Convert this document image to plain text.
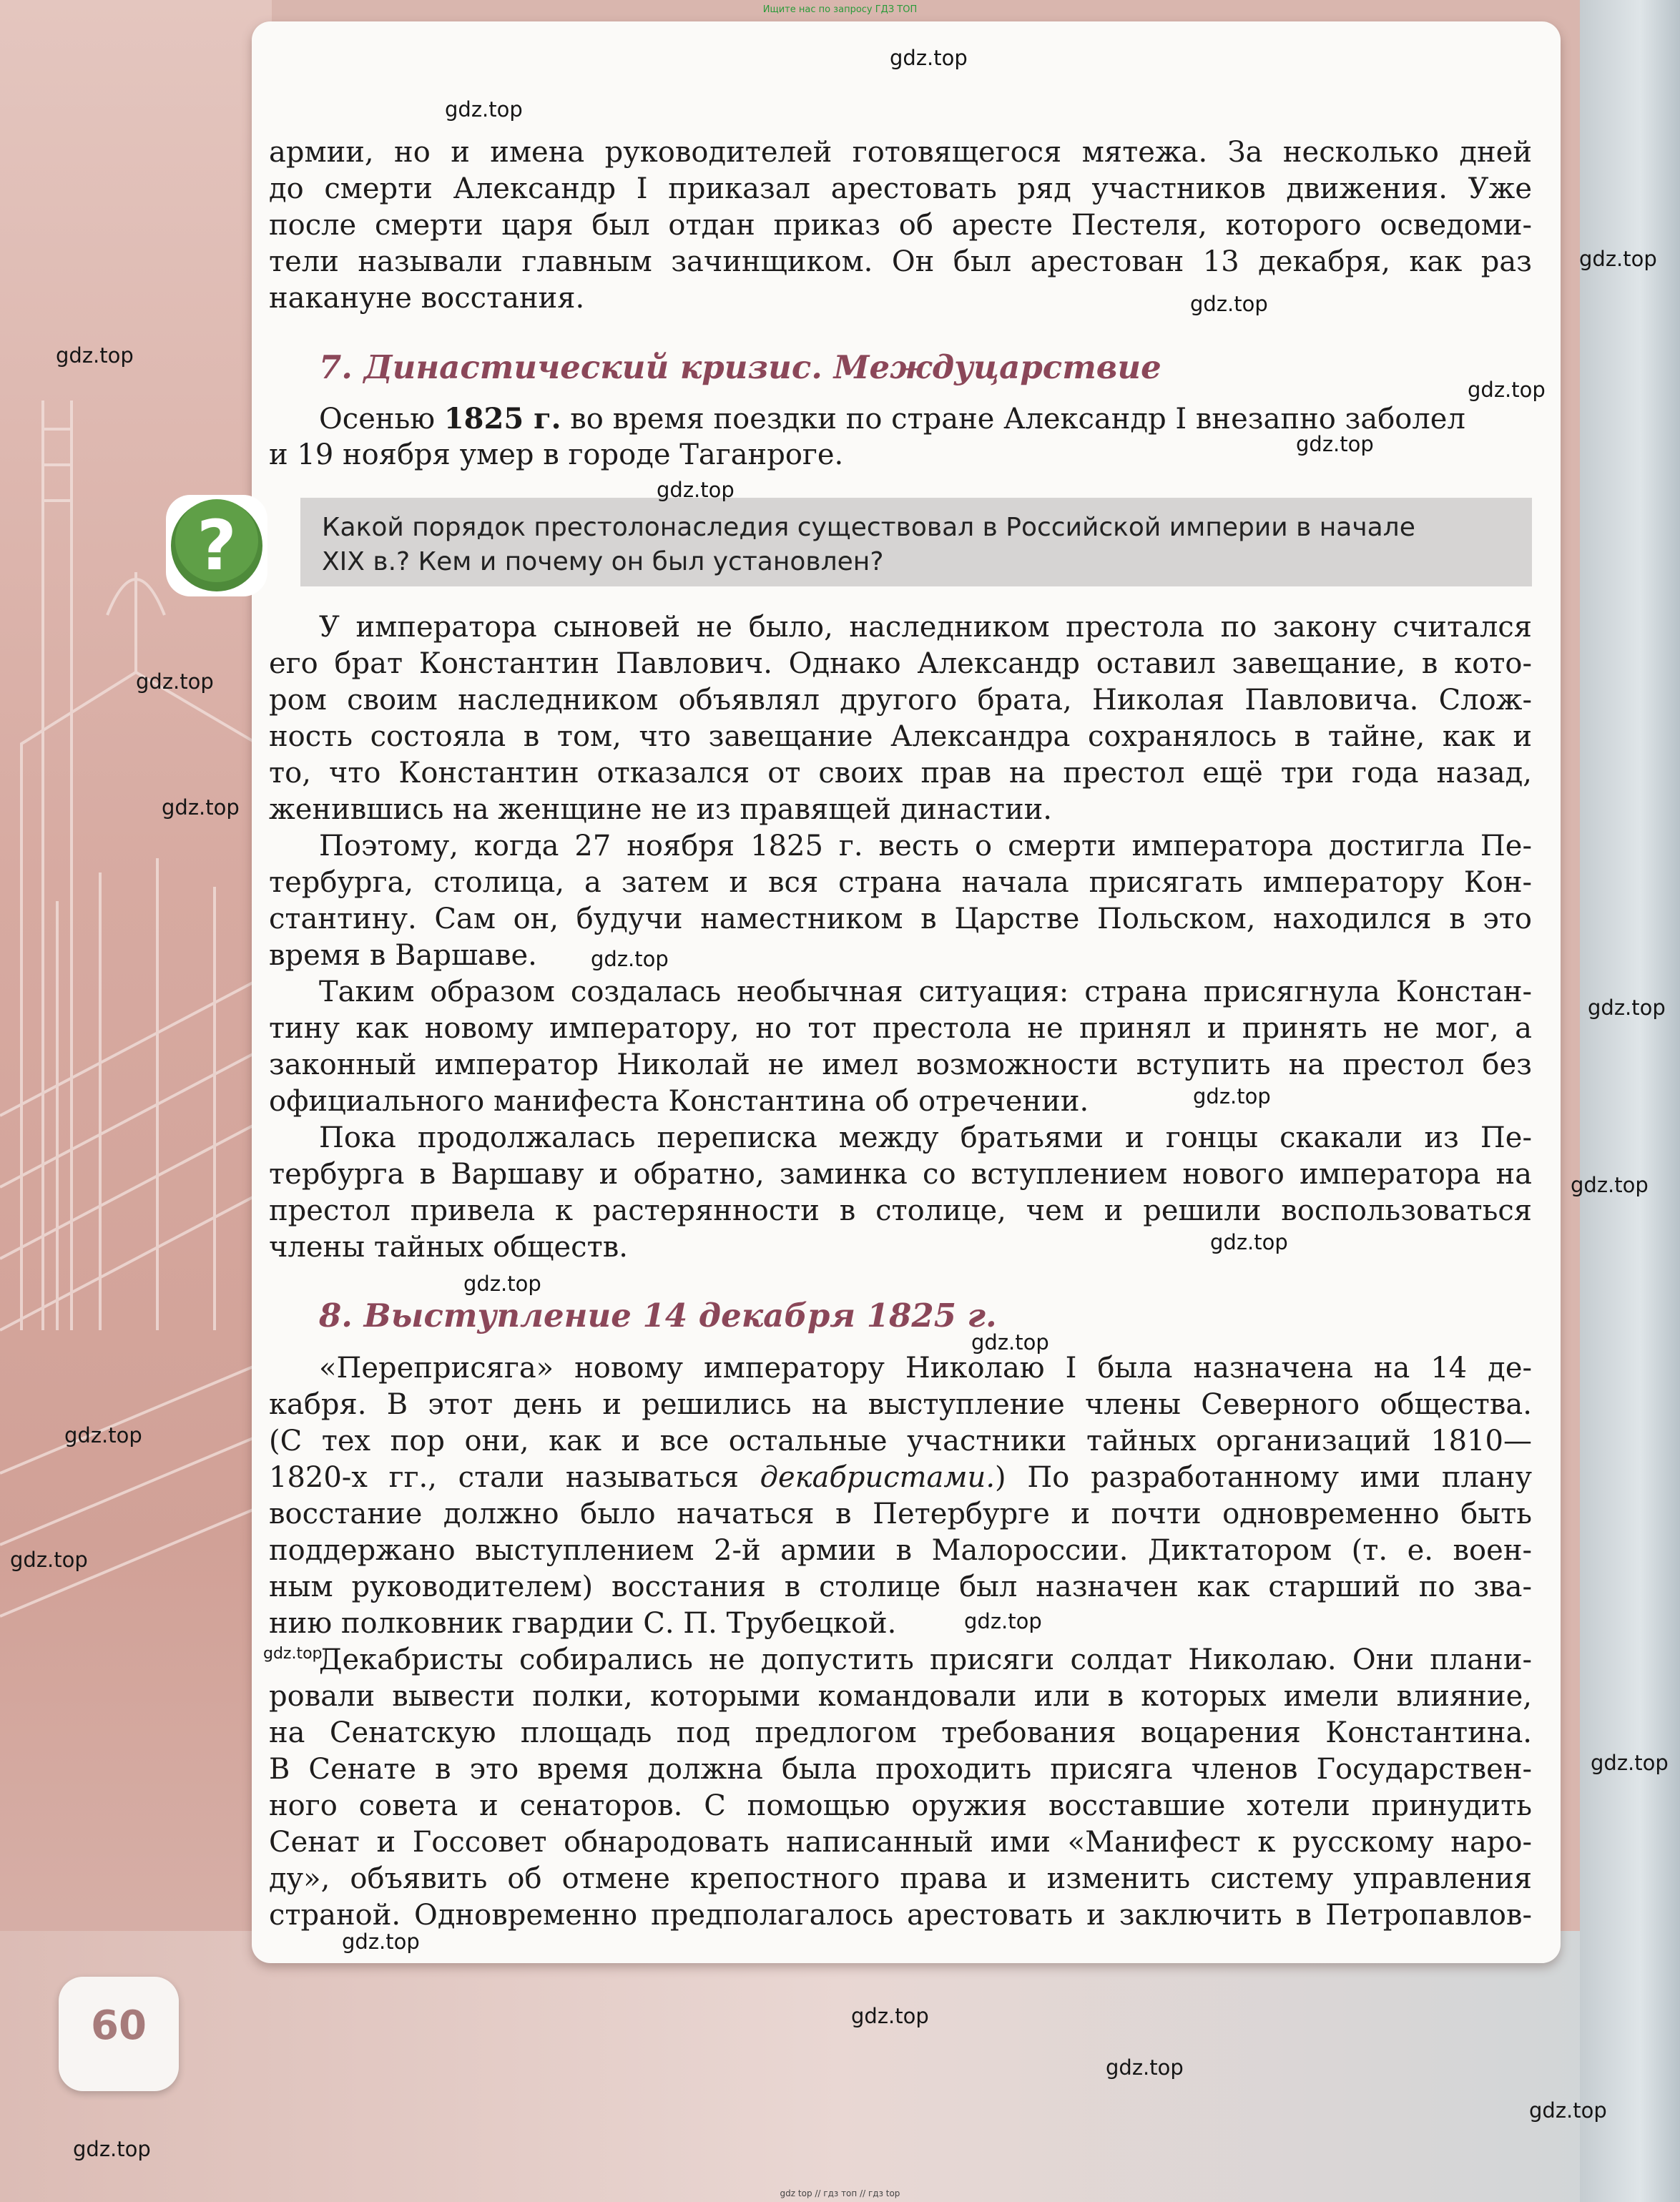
Ищите нас по запросу ГДЗ ТОП
армии, но и имена руководителей готовящегося мятежа. За несколько дней
до смерти Александр I приказал арестовать ряд участников движения. Уже
после смерти царя был отдан приказ об аресте Пестеля, которого осведоми-
тели называли главным зачинщиком. Он был арестован 13 декабря, как раз
накануне восстания.
7. Династический кризис. Междуцарствие
Осенью 1825 г. во время поездки по стране Александр I внезапно заболел
и 19 ноября умер в городе Таганроге.
?	Какой порядок престолонаследия существовал в Российской империи в начале
XIX в.? Кем и почему он был установлен?
У императора сыновей не было, наследником престола по закону считался
его брат Константин Павлович. Однако Александр оставил завещание, в кото-
ром своим наследником объявлял другого брата, Николая Павловича. Слож-
ность состояла в том, что завещание Александра сохранялось в тайне, как и
то, что Константин отказался от своих прав на престол ещё три года назад,
женившись на женщине не из правящей династии.
Поэтому, когда 27 ноября 1825 г. весть о смерти императора достигла Пе-
тербурга, столица, а затем и вся страна начала присягать императору Кон-
стантину. Сам он, будучи наместником в Царстве Польском, находился в это
время в Варшаве.
Таким образом создалась необычная ситуация: страна присягнула Констан-
тину как новому императору, но тот престола не принял и принять не мог, а
законный император Николай не имел возможности вступить на престол без
официального манифеста Константина об отречении.
Пока продолжалась переписка между братьями и гонцы скакали из Пе-
тербурга в Варшаву и обратно, заминка со вступлением нового императора на
престол привела к растерянности в столице, чем и решили воспользоваться
члены тайных обществ.
8. Выступление 14 декабря 1825 г.
«Переприсяга» новому императору Николаю I была назначена на 14 де-
кабря. В этот день и решились на выступление члены Северного общества.
(С тех пор они, как и все остальные участники тайных организаций 1810—
1820-х гг., стали называться декабристами.) По разработанному ими плану
восстание должно было начаться в Петербурге и почти одновременно быть
поддержано выступлением 2-й армии в Малороссии. Диктатором (т. е. воен-
ным руководителем) восстания в столице был назначен как старший по зва-
нию полковник гвардии С. П. Трубецкой.
Декабристы собирались не допустить присяги солдат Николаю. Они плани-
ровали вывести полки, которыми командовали или в которых имели влияние,
на Сенатскую площадь под предлогом требования воцарения Константина.
В Сенате в это время должна была проходить присяга членов Государствен-
ного совета и сенаторов. С помощью оружия восставшие хотели принудить
Сенат и Госсовет обнародовать написанный ими «Манифест к русскому наро-
ду», объявить об отмене крепостного права и изменить систему управления
страной. Одновременно предполагалось арестовать и заключить в Петропавлов-
60
gdz.top
gdz.top
gdz.top
gdz.top
gdz.top
gdz.top
gdz.top
gdz.top
gdz.top
gdz.top
gdz.top
gdz.top
gdz.top
gdz.top
gdz.top
gdz.top
gdz.top
gdz.top
gdz.top
gdz.top
gdz.top
gdz.top
gdz.top
gdz.top
gdz.top
gdz.top
gdz.top
gdz top // гдз топ // гдз top
